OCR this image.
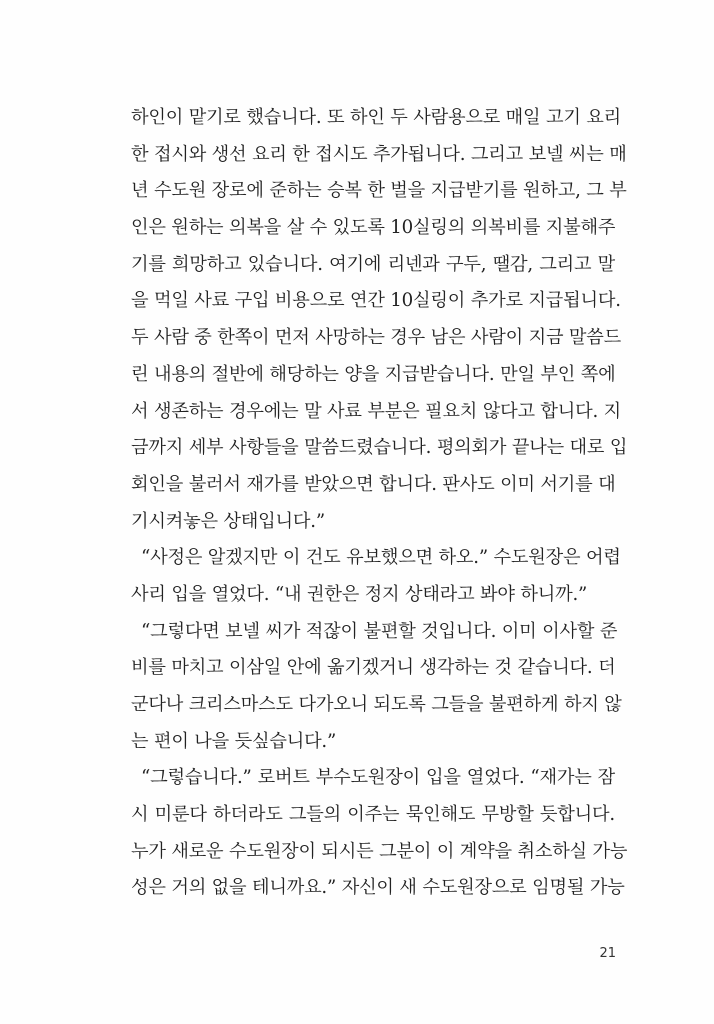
하인이 맡기로 했습니다. 또 하인 두 사람용으로 매일 고기 요리
한 접시와 생선 요리 한 접시도 추가됩니다. 그리고 보넬 씨는 매
년 수도원 장로에 준하는 승복 한 벌을 지급받기를 원하고, 그 부
인은 원하는 의복을 살 수 있도록 10실링의 의복비를 지불해주
기를 희망하고 있습니다. 여기에 리넨과 구두, 땔감, 그리고 말
을 먹일 사료 구입 비용으로 연간 10실링이 추가로 지급됩니다.
두 사람 중 한쪽이 먼저 사망하는 경우 남은 사람이 지금 말씀드
린 내용의 절반에 해당하는 양을 지급받습니다. 만일 부인 쪽에
서 생존하는 경우에는 말 사료 부분은 필요치 않다고 합니다. 지
금까지 세부 사항들을 말씀드렸습니다. 평의회가 끝나는 대로 입
회인을 불러서 재가를 받았으면 합니다. 판사도 이미 서기를 대
기시켜놓은 상태입니다.”
“사정은 알겠지만 이 건도 유보했으면 하오.” 수도원장은 어렵
사리 입을 열었다. “내 권한은 정지 상태라고 봐야 하니까.”
“그렇다면 보넬 씨가 적잖이 불편할 것입니다. 이미 이사할 준
비를 마치고 이삼일 안에 옮기겠거니 생각하는 것 같습니다. 더
군다나 크리스마스도 다가오니 되도록 그들을 불편하게 하지 않
는 편이 나을 듯싶습니다.”
“그렇습니다.” 로버트 부수도원장이 입을 열었다. “재가는 잠
시 미룬다 하더라도 그들의 이주는 묵인해도 무방할 듯합니다.
누가 새로운 수도원장이 되시든 그분이 이 계약을 취소하실 가능
성은 거의 없을 테니까요.” 자신이 새 수도원장으로 임명될 가능
21
